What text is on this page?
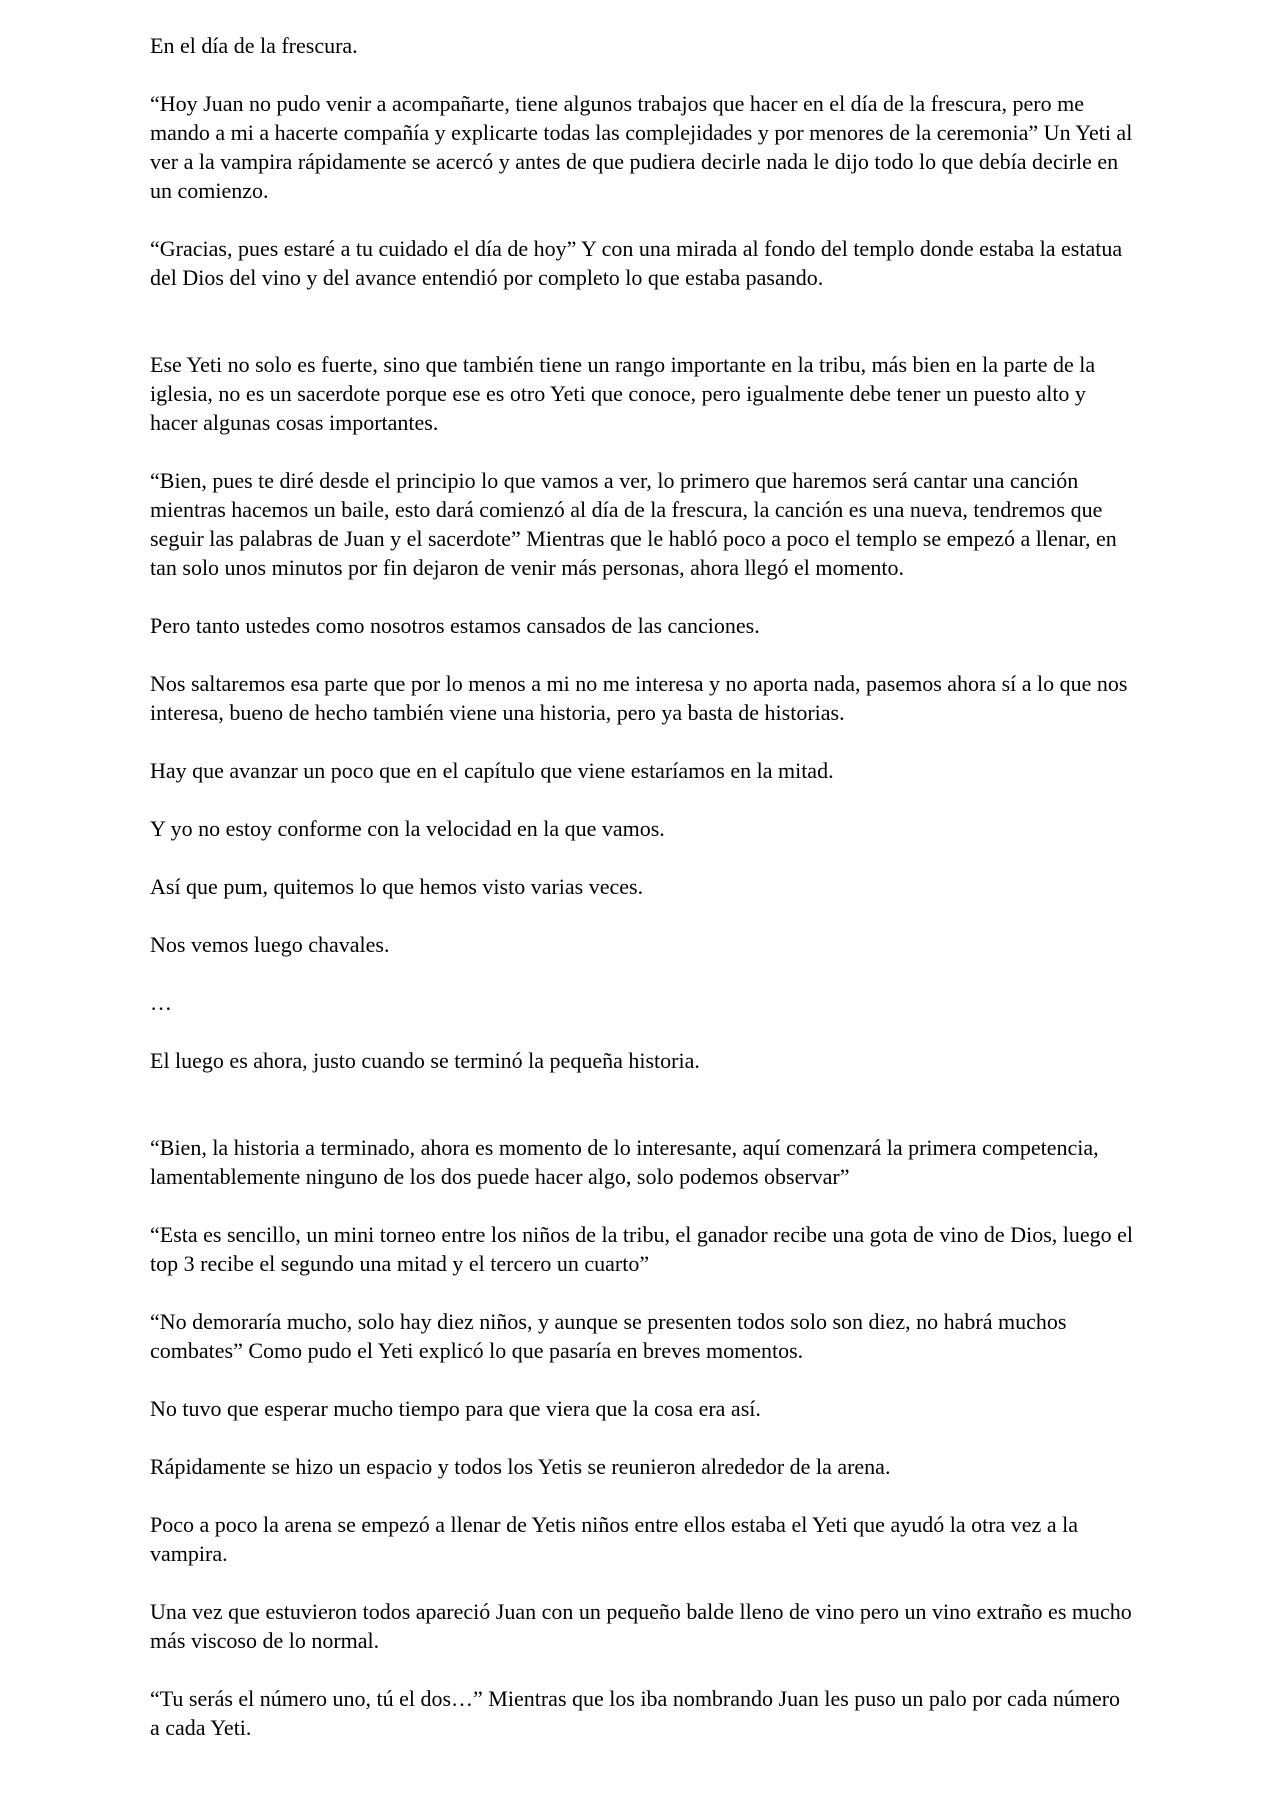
En el día de la frescura.

“Hoy Juan no pudo venir a acompañarte, tiene algunos trabajos que hacer en el día de la frescura, pero me mando a mi a hacerte compañía y explicarte todas las complejidades y por menores de la ceremonia” Un Yeti al ver a la vampira rápidamente se acercó y antes de que pudiera decirle nada le dijo todo lo que debía decirle en un comienzo.

“Gracias, pues estaré a tu cuidado el día de hoy” Y con una mirada al fondo del templo donde estaba la estatua del Dios del vino y del avance entendió por completo lo que estaba pasando.

Ese Yeti no solo es fuerte, sino que también tiene un rango importante en la tribu, más bien en la parte de la iglesia, no es un sacerdote porque ese es otro Yeti que conoce, pero igualmente debe tener un puesto alto y hacer algunas cosas importantes.

“Bien, pues te diré desde el principio lo que vamos a ver, lo primero que haremos será cantar una canción mientras hacemos un baile, esto dará comienzó al día de la frescura, la canción es una nueva, tendremos que seguir las palabras de Juan y el sacerdote” Mientras que le habló poco a poco el templo se empezó a llenar, en tan solo unos minutos por fin dejaron de venir más personas, ahora llegó el momento.

Pero tanto ustedes como nosotros estamos cansados de las canciones.

Nos saltaremos esa parte que por lo menos a mi no me interesa y no aporta nada, pasemos ahora sí a lo que nos interesa, bueno de hecho también viene una historia, pero ya basta de historias.

Hay que avanzar un poco que en el capítulo que viene estaríamos en la mitad.

Y yo no estoy conforme con la velocidad en la que vamos.

Así que pum, quitemos lo que hemos visto varias veces.

Nos vemos luego chavales.

…

El luego es ahora, justo cuando se terminó la pequeña historia.

“Bien, la historia a terminado, ahora es momento de lo interesante, aquí comenzará la primera competencia, lamentablemente ninguno de los dos puede hacer algo, solo podemos observar”

“Esta es sencillo, un mini torneo entre los niños de la tribu, el ganador recibe una gota de vino de Dios, luego el top 3 recibe el segundo una mitad y el tercero un cuarto”

“No demoraría mucho, solo hay diez niños, y aunque se presenten todos solo son diez, no habrá muchos combates” Como pudo el Yeti explicó lo que pasaría en breves momentos.

No tuvo que esperar mucho tiempo para que viera que la cosa era así.

Rápidamente se hizo un espacio y todos los Yetis se reunieron alrededor de la arena.

Poco a poco la arena se empezó a llenar de Yetis niños entre ellos estaba el Yeti que ayudó la otra vez a la vampira.

Una vez que estuvieron todos apareció Juan con un pequeño balde lleno de vino pero un vino extraño es mucho más viscoso de lo normal.

“Tu serás el número uno, tú el dos…” Mientras que los iba nombrando Juan les puso un palo por cada número a cada Yeti.
